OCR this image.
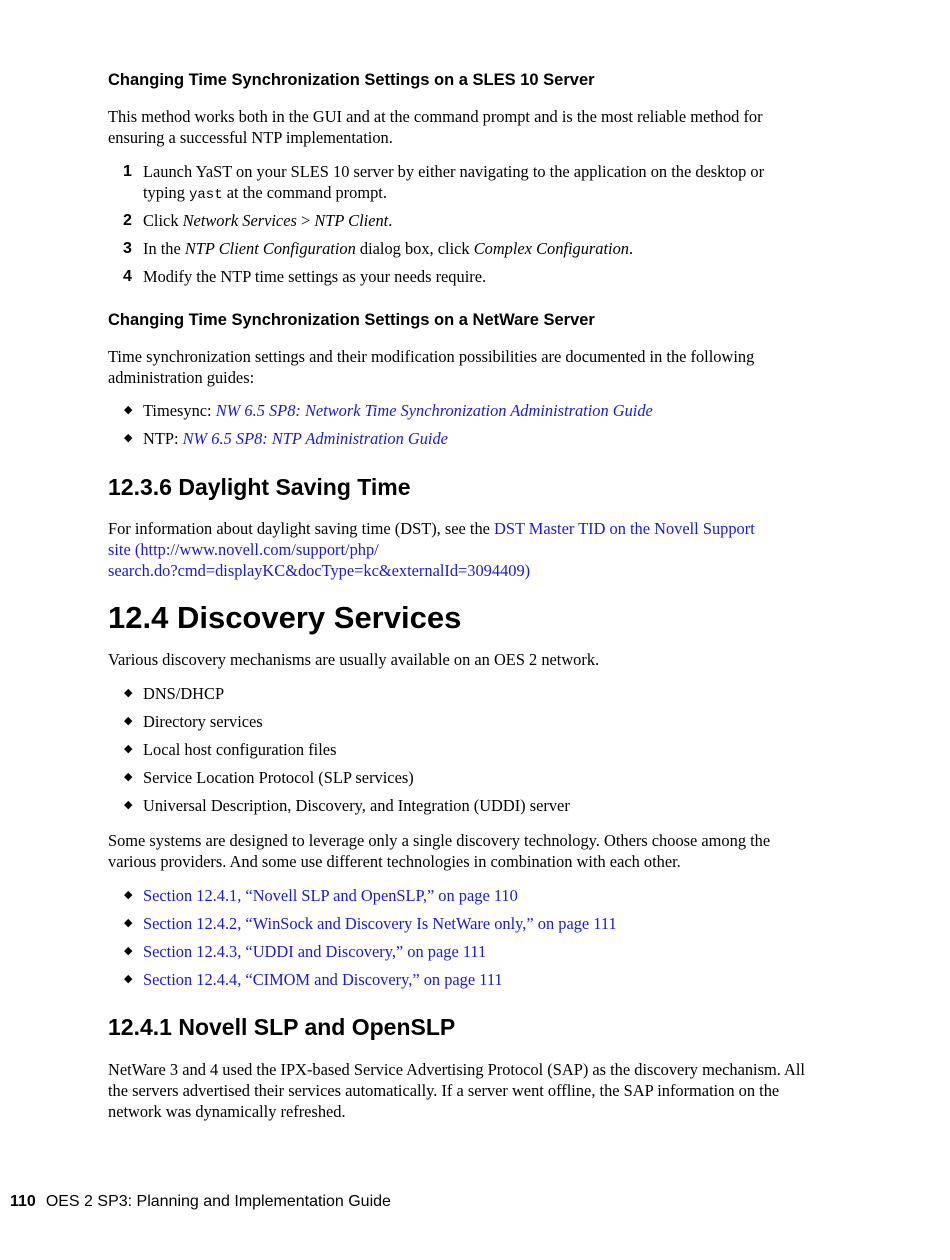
Changing Time Synchronization Settings on a SLES 10 Server
This method works both in the GUI and at the command prompt and is the most reliable method for ensuring a successful NTP implementation.
1 Launch YaST on your SLES 10 server by either navigating to the application on the desktop or typing yast at the command prompt.
2 Click Network Services > NTP Client.
3 In the NTP Client Configuration dialog box, click Complex Configuration.
4 Modify the NTP time settings as your needs require.
Changing Time Synchronization Settings on a NetWare Server
Time synchronization settings and their modification possibilities are documented in the following administration guides:
◆ Timesync: NW 6.5 SP8: Network Time Synchronization Administration Guide
◆ NTP: NW 6.5 SP8: NTP Administration Guide
12.3.6 Daylight Saving Time
For information about daylight saving time (DST), see the DST Master TID on the Novell Support
site (http://www.novell.com/support/php/
search.do?cmd=displayKC&docType=kc&externalId=3094409)
12.4 Discovery Services
Various discovery mechanisms are usually available on an OES 2 network.
◆ DNS/DHCP
◆ Directory services
◆ Local host configuration files
◆ Service Location Protocol (SLP services)
◆ Universal Description, Discovery, and Integration (UDDI) server
Some systems are designed to leverage only a single discovery technology. Others choose among the various providers. And some use different technologies in combination with each other.
◆ Section 12.4.1, “Novell SLP and OpenSLP,” on page 110
◆ Section 12.4.2, “WinSock and Discovery Is NetWare only,” on page 111
◆ Section 12.4.3, “UDDI and Discovery,” on page 111
◆ Section 12.4.4, “CIMOM and Discovery,” on page 111
12.4.1 Novell SLP and OpenSLP
NetWare 3 and 4 used the IPX-based Service Advertising Protocol (SAP) as the discovery mechanism. All the servers advertised their services automatically. If a server went offline, the SAP information on the network was dynamically refreshed.
110 OES 2 SP3: Planning and Implementation Guide
